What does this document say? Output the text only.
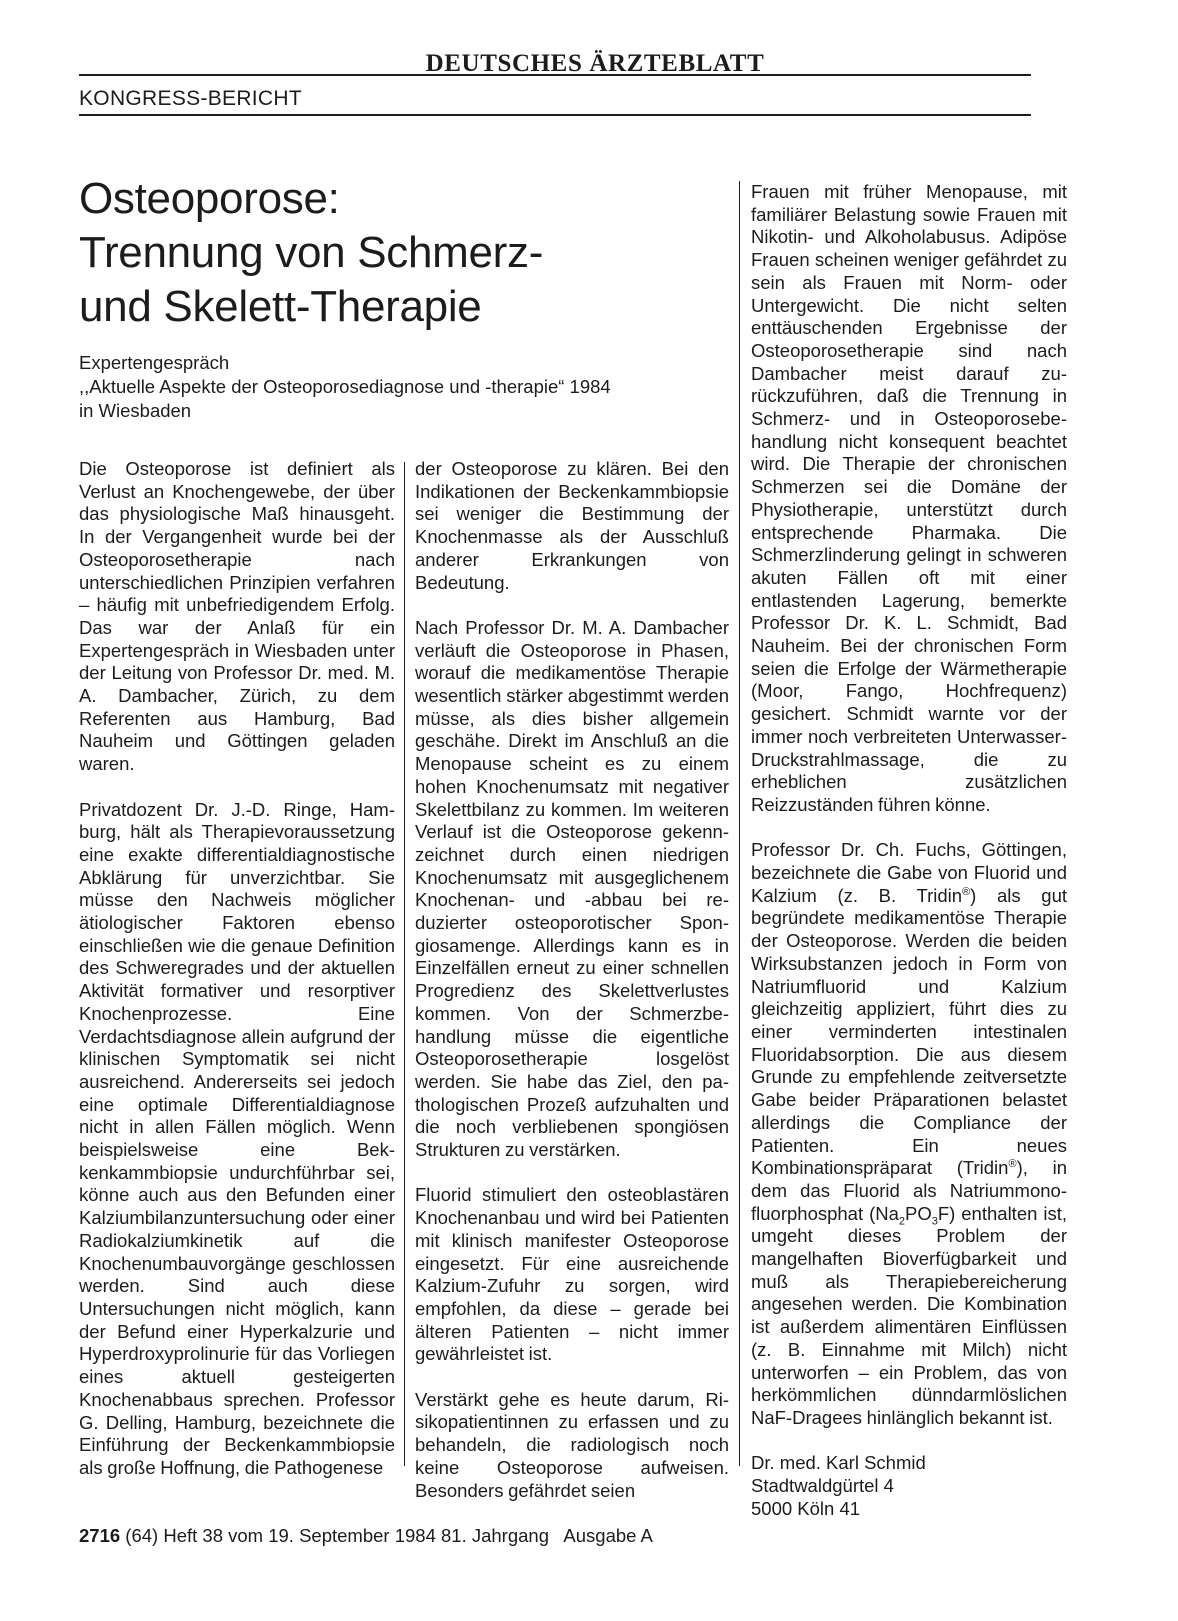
DEUTSCHES ÄRZTEBLATT
KONGRESS-BERICHT
Osteoporose:
Trennung von Schmerz-
und Skelett-Therapie
Expertengespräch
,,Aktuelle Aspekte der Osteoporosediagnose und -therapie“ 1984
in Wiesbaden

Die Osteoporose ist definiert als Verlust an Knochengewebe, der über das physiologische Maß hinausgeht. In der Vergangenheit wurde bei der Osteoporosetherapie nach unterschiedlichen Prinzipien verfahren – häufig mit unbefriedigendem Erfolg. Das war der Anlaß für ein Expertengespräch in Wiesbaden unter der Leitung von Professor Dr. med. M. A. Dambacher, Zürich, zu dem Referenten aus Hamburg, Bad Nauheim und Göttingen geladen waren.

Privatdozent Dr. J.-D. Ringe, Hamburg, hält als Therapievoraussetzung eine exakte differentialdiagnostische Abklärung für unverzichtbar. Sie müsse den Nachweis möglicher ätiologischer Faktoren ebenso einschließen wie die genaue Definition des Schweregrades und der aktuellen Aktivität formativer und resorptiver Knochenprozesse. Eine Verdachtsdiagnose allein aufgrund der klinischen Symptomatik sei nicht ausreichend. Andererseits sei jedoch eine optimale Differentialdiagnose nicht in allen Fällen möglich. Wenn beispielsweise eine Bekkenkammbiopsie undurchführbar sei, könne auch aus den Befunden einer Kalziumbilanzuntersuchung oder einer Radiokalziumkinetik auf die Knochenumbauvorgänge geschlossen werden. Sind auch diese Untersuchungen nicht möglich, kann der Befund einer Hyperkalzurie und Hyperdroxyprolinurie für das Vorliegen eines aktuell gesteigerten Knochenabbaus sprechen. Professor G. Delling, Hamburg, bezeichnete die Einführung der Beckenkammbiopsie als große Hoffnung, die Pathogenese

der Osteoporose zu klären. Bei den Indikationen der Beckenkammbiopsie sei weniger die Bestimmung der Knochenmasse als der Ausschluß anderer Erkrankungen von Bedeutung.

Nach Professor Dr. M. A. Dambacher verläuft die Osteoporose in Phasen, worauf die medikamentöse Therapie wesentlich stärker abgestimmt werden müsse, als dies bisher allgemein geschähe. Direkt im Anschluß an die Menopause scheint es zu einem hohen Knochenumsatz mit negativer Skelettbilanz zu kommen. Im weiteren Verlauf ist die Osteoporose gekennzeichnet durch einen niedrigen Knochenumsatz mit ausgeglichenem Knochenan- und -abbau bei reduzierter osteoporotischer Spongiosamenge. Allerdings kann es in Einzelfällen erneut zu einer schnellen Progredienz des Skelettverlustes kommen. Von der Schmerzbehandlung müsse die eigentliche Osteoporosetherapie losgelöst werden. Sie habe das Ziel, den pathologischen Prozeß aufzuhalten und die noch verbliebenen spongiösen Strukturen zu verstärken.

Fluorid stimuliert den osteoblastären Knochenanbau und wird bei Patienten mit klinisch manifester Osteoporose eingesetzt. Für eine ausreichende Kalzium-Zufuhr zu sorgen, wird empfohlen, da diese – gerade bei älteren Patienten – nicht immer gewährleistet ist.

Verstärkt gehe es heute darum, Risikopatientinnen zu erfassen und zu behandeln, die radiologisch noch keine Osteoporose aufweisen. Besonders gefährdet seien

Frauen mit früher Menopause, mit familiärer Belastung sowie Frauen mit Nikotin- und Alkoholabusus. Adipöse Frauen scheinen weniger gefährdet zu sein als Frauen mit Norm- oder Untergewicht. Die nicht selten enttäuschenden Ergebnisse der Osteoporosetherapie sind nach Dambacher meist darauf zurückzuführen, daß die Trennung in Schmerz- und in Osteoporosebehandlung nicht konsequent beachtet wird. Die Therapie der chronischen Schmerzen sei die Domäne der Physiotherapie, unterstützt durch entsprechende Pharmaka. Die Schmerzlinderung gelingt in schweren akuten Fällen oft mit einer entlastenden Lagerung, bemerkte Professor Dr. K. L. Schmidt, Bad Nauheim. Bei der chronischen Form seien die Erfolge der Wärmetherapie (Moor, Fango, Hochfrequenz) gesichert. Schmidt warnte vor der immer noch verbreiteten Unterwasser-Druckstrahlmassage, die zu erheblichen zusätzlichen Reizzuständen führen könne.

Professor Dr. Ch. Fuchs, Göttingen, bezeichnete die Gabe von Fluorid und Kalzium (z. B. Tridin®) als gut begründete medikamentöse Therapie der Osteoporose. Werden die beiden Wirksubstanzen jedoch in Form von Natriumfluorid und Kalzium gleichzeitig appliziert, führt dies zu einer verminderten intestinalen Fluoridabsorption. Die aus diesem Grunde zu empfehlende zeitversetzte Gabe beider Präparationen belastet allerdings die Compliance der Patienten. Ein neues Kombinationspräparat (Tridin®), in dem das Fluorid als Natriummonofluorphosphat $(Na_2PO_3F)$ enthalten ist, umgeht dieses Problem der mangelhaften Bioverfügbarkeit und muß als Therapiebereicherung angesehen werden. Die Kombination ist außerdem alimentären Einflüssen (z. B. Einnahme mit Milch) nicht unterworfen – ein Problem, das von herkömmlichen dünndarmlöslichen NaF-Dragees hinlänglich bekannt ist.

Dr. med. Karl Schmid
Stadtwaldgürtel 4
5000 Köln 41
2716 (64) Heft 38 vom 19. September 1984 81. Jahrgang   Ausgabe A
